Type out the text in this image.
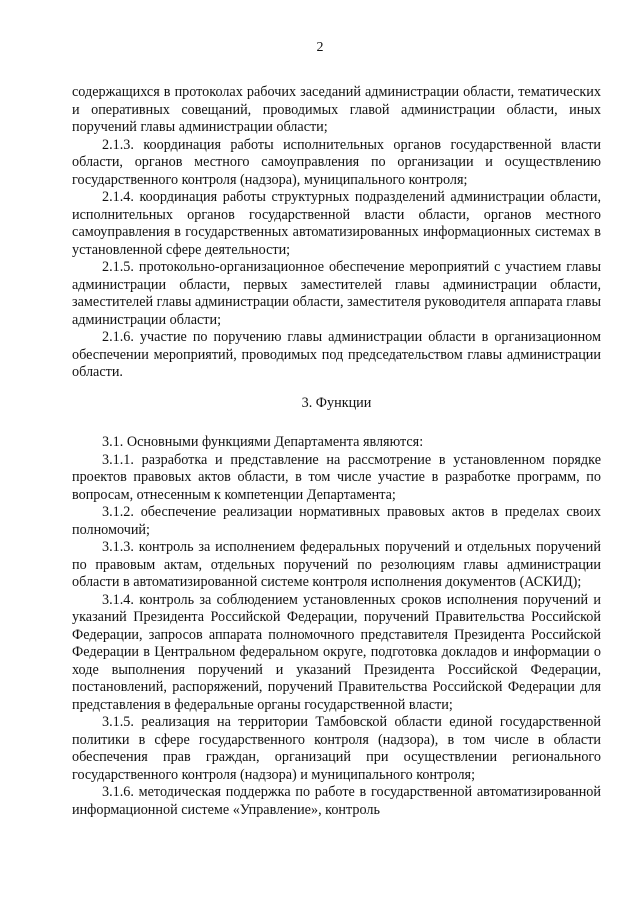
2

содержащихся в протоколах рабочих заседаний администрации области, тематических и оперативных совещаний, проводимых главой администрации области, иных поручений главы администрации области;

2.1.3. координация работы исполнительных органов государственной власти области, органов местного самоуправления по организации и осуществлению государственного контроля (надзора), муниципального контроля;

2.1.4. координация работы структурных подразделений администрации области, исполнительных органов государственной власти области, органов местного самоуправления в государственных автоматизированных информационных системах в установленной сфере деятельности;

2.1.5. протокольно-организационное обеспечение мероприятий с участием главы администрации области, первых заместителей главы администрации области, заместителей главы администрации области, заместителя руководителя аппарата главы администрации области;

2.1.6. участие по поручению главы администрации области в организационном обеспечении мероприятий, проводимых под председательством главы администрации области.

3. Функции

3.1. Основными функциями Департамента являются:

3.1.1. разработка и представление на рассмотрение в установленном порядке проектов правовых актов области, в том числе участие в разработке программ, по вопросам, отнесенным к компетенции Департамента;

3.1.2. обеспечение реализации нормативных правовых актов в пределах своих полномочий;

3.1.3. контроль за исполнением федеральных поручений и отдельных поручений по правовым актам, отдельных поручений по резолюциям главы администрации области в автоматизированной системе контроля исполнения документов (АСКИД);

3.1.4. контроль за соблюдением установленных сроков исполнения поручений и указаний Президента Российской Федерации, поручений Правительства Российской Федерации, запросов аппарата полномочного представителя Президента Российской Федерации в Центральном федеральном округе, подготовка докладов и информации о ходе выполнения поручений и указаний Президента Российской Федерации, постановлений, распоряжений, поручений Правительства Российской Федерации для представления в федеральные органы государственной власти;

3.1.5. реализация на территории Тамбовской области единой государственной политики в сфере государственного контроля (надзора), в том числе в области обеспечения прав граждан, организаций при осуществлении регионального государственного контроля (надзора) и муниципального контроля;

3.1.6. методическая поддержка по работе в государственной автоматизированной информационной системе «Управление», контроль
